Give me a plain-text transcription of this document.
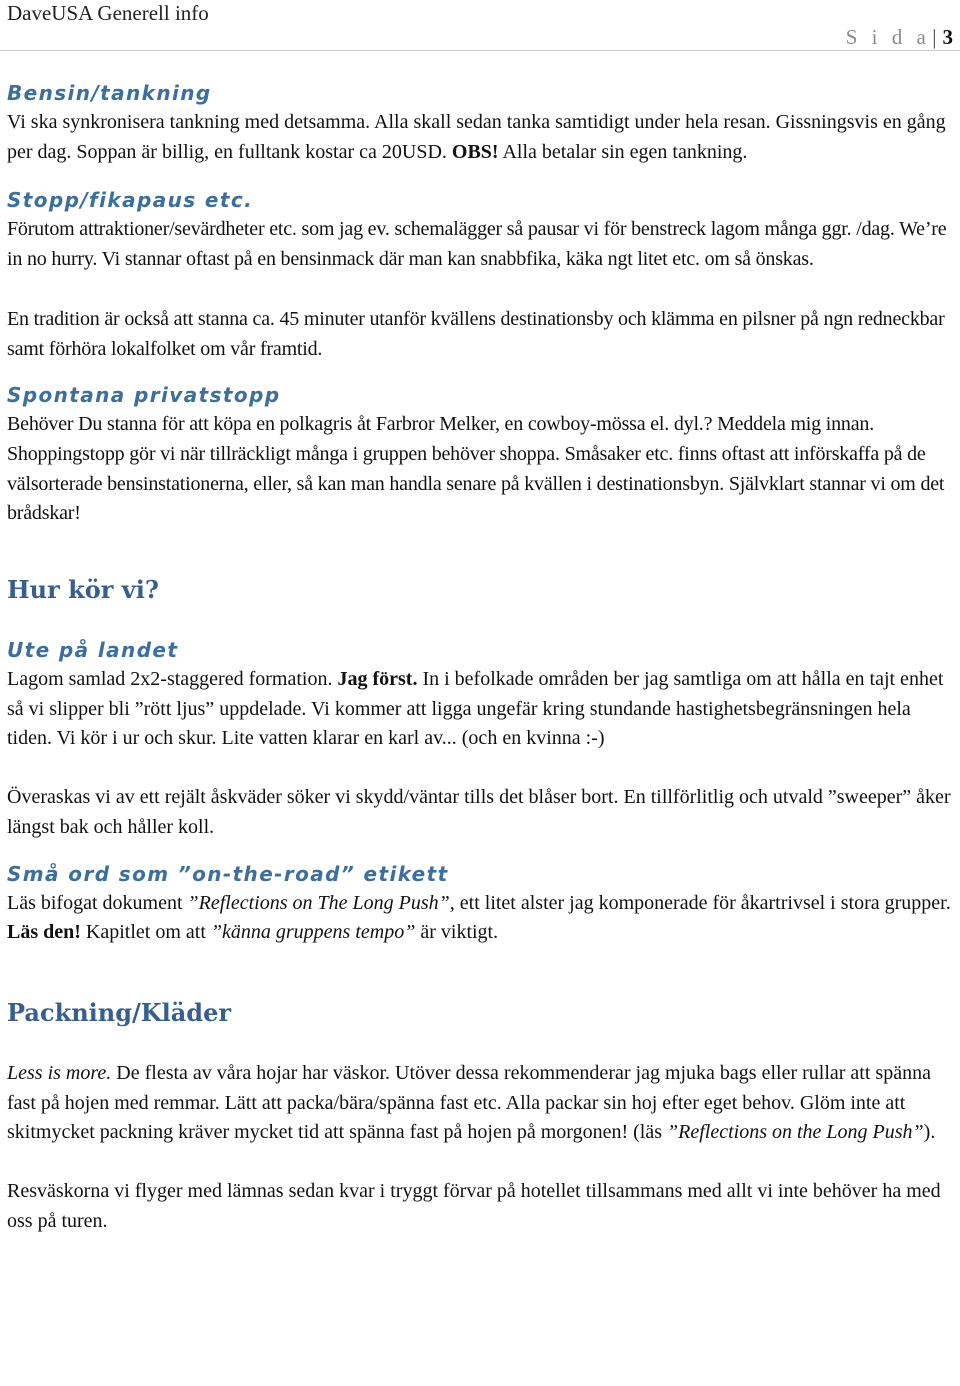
DaveUSA Generell info
S i d a| 3
Bensin/tankning

Vi ska synkronisera tankning med detsamma. Alla skall sedan tanka samtidigt under hela resan. Gissningsvis en gång per dag. Soppan är billig, en fulltank kostar ca 20USD. OBS! Alla betalar sin egen tankning.

Stopp/fikapaus etc.

Förutom attraktioner/sevärdheter etc. som jag ev. schemalägger så pausar vi för benstreck lagom många ggr. /dag. We’re in no hurry. Vi stannar oftast på en bensinmack där man kan snabbfika, käka ngt litet etc. om så önskas.

En tradition är också att stanna ca. 45 minuter utanför kvällens destinationsby och klämma en pilsner på ngn redneckbar samt förhöra lokalfolket om vår framtid.

Spontana privatstopp

Behöver Du stanna för att köpa en polkagris åt Farbror Melker, en cowboy-mössa el. dyl.? Meddela mig innan. Shoppingstopp gör vi när tillräckligt många i gruppen behöver shoppa. Småsaker etc. finns oftast att införskaffa på de välsorterade bensinstationerna, eller, så kan man handla senare på kvällen i destinationsbyn. Självklart stannar vi om det brådskar!

Hur kör vi?
Ute på landet

Lagom samlad 2x2-staggered formation. Jag först. In i befolkade områden ber jag samtliga om att hålla en tajt enhet så vi slipper bli ”rött ljus” uppdelade. Vi kommer att ligga ungefär kring stundande hastighetsbegränsningen hela tiden. Vi kör i ur och skur. Lite vatten klarar en karl av... (och en kvinna :-)

Överaskas vi av ett rejält åskväder söker vi skydd/väntar tills det blåser bort. En tillförlitlig och utvald ”sweeper” åker längst bak och håller koll.

Små ord som ”on-the-road” etikett

Läs bifogat dokument ”Reflections on The Long Push”, ett litet alster jag komponerade för åkartrivsel i stora grupper. Läs den! Kapitlet om att ”känna gruppens tempo” är viktigt.

Packning/Kläder

Less is more. De flesta av våra hojar har väskor. Utöver dessa rekommenderar jag mjuka bags eller rullar att spänna fast på hojen med remmar. Lätt att packa/bära/spänna fast etc. Alla packar sin hoj efter eget behov. Glöm inte att skitmycket packning kräver mycket tid att spänna fast på hojen på morgonen! (läs ”Reflections on the Long Push”).

Resväskorna vi flyger med lämnas sedan kvar i tryggt förvar på hotellet tillsammans med allt vi inte behöver ha med oss på turen.
